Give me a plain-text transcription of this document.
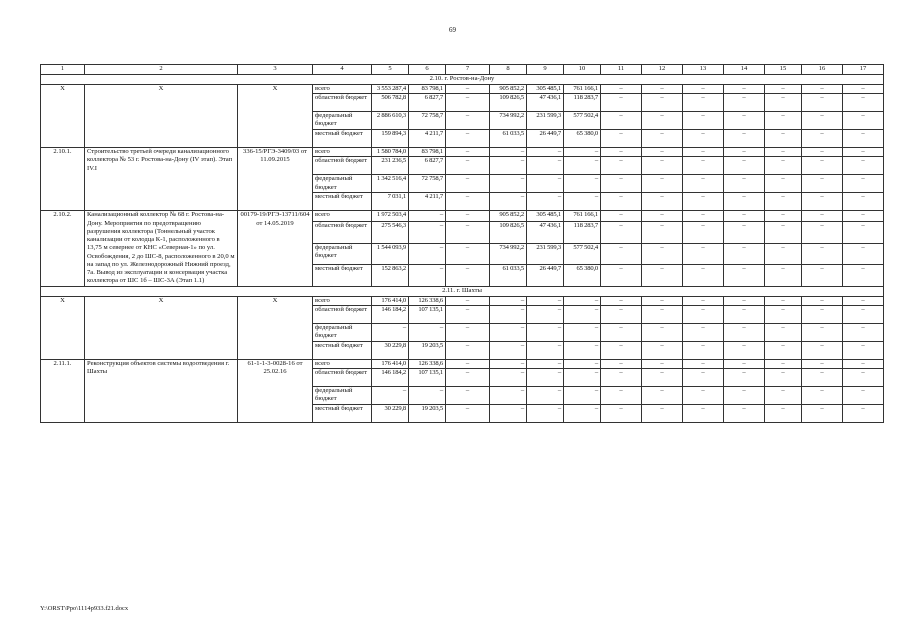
69
1	2	3	4	5	6	7	8	9	10	11	12	13	14	15	16	17
2.10. г. Ростов-на-Дону																
Х	Х	Х	всего	3 553 287,4	83 798,1	–	905 852,2	305 485,1	761 166,1	–	–	–	–	–	–	–
			областной бюджет	506 782,8	6 827,7	–	109 826,5	47 436,1	118 283,7	–	–	–	–	–	–	–
			федеральный бюджет	2 886 610,3	72 758,7	–	734 992,2	231 599,3	577 502,4	–	–	–	–	–	–	–
			местный бюджет	159 894,3	4 211,7	–	61 033,5	26 449,7	65 380,0	–	–	–	–	–	–	–
2.10.1.	Строительство третьей очереди канализационного коллектора № 53 г. Ростова-на-Дону (IV этап). Этап IV.I	336-15/РГЭ-3409/03 от 11.09.2015	всего	1 580 784,0	83 798,1	–	–	–	–	–	–	–	–	–	–	–
			областной бюджет	231 236,5	6 827,7	–	–	–	–	–	–	–	–	–	–	–
			федеральный бюджет	1 342 516,4	72 758,7	–	–	–	–	–	–	–	–	–	–	–
			местный бюджет	7 031,1	4 211,7	–	–	–	–	–	–	–	–	–	–	–
2.10.2.	Канализационный коллектор № 68 г. Ростова-на-Дону. Мероприятия по предотвращению разрушения коллектора (Тоннельный участок канализации от колодца К-1, расположенного в 13,75 м севернее от КНС «Северная-1» по ул. Освобождения, 2 до ШС-8, расположенного в 20,0 м на запад по ул. Железнодорожный Нижний проезд, 7а. Вывод из эксплуатации и консервация участка коллектора от ШС 1б – ШС-3А (Этап 1.1)	00179-19/РГЭ-13711/604 от 14.05.2019	всего	1 972 503,4	–	–	905 852,2	305 485,1	761 166,1	–	–	–	–	–	–	–
			областной бюджет	275 546,3	–	–	109 826,5	47 436,1	118 283,7	–	–	–	–	–	–	–
			федеральный бюджет	1 544 093,9	–	–	734 992,2	231 599,3	577 502,4	–	–	–	–	–	–	–
			местный бюджет	152 863,2	–	–	61 033,5	26 449,7	65 380,0	–	–	–	–	–	–	–
2.11. г. Шахты																
Х	Х	Х	всего	176 414,0	126 338,6	–	–	–	–	–	–	–	–	–	–	–
			областной бюджет	146 184,2	107 135,1	–	–	–	–	–	–	–	–	–	–	–
			федеральный бюджет	–	–	–	–	–	–	–	–	–	–	–	–	–
			местный бюджет	30 229,8	19 203,5	–	–	–	–	–	–	–	–	–	–	–
2.11.1.	Реконструкция объектов системы водоотведения г. Шахты	61-1-1-3-0028-16 от 25.02.16	всего	176 414,0	126 338,6	–	–	–	–	–	–	–	–	–	–	–
			областной бюджет	146 184,2	107 135,1	–	–	–	–	–	–	–	–	–	–	–
			федеральный бюджет	–	–	–	–	–	–	–	–	–	–	–	–	–
			местный бюджет	30 229,8	19 203,5	–	–	–	–	–	–	–	–	–	–	–
Y:\ORST\Ppo\1114p933.f21.docx
